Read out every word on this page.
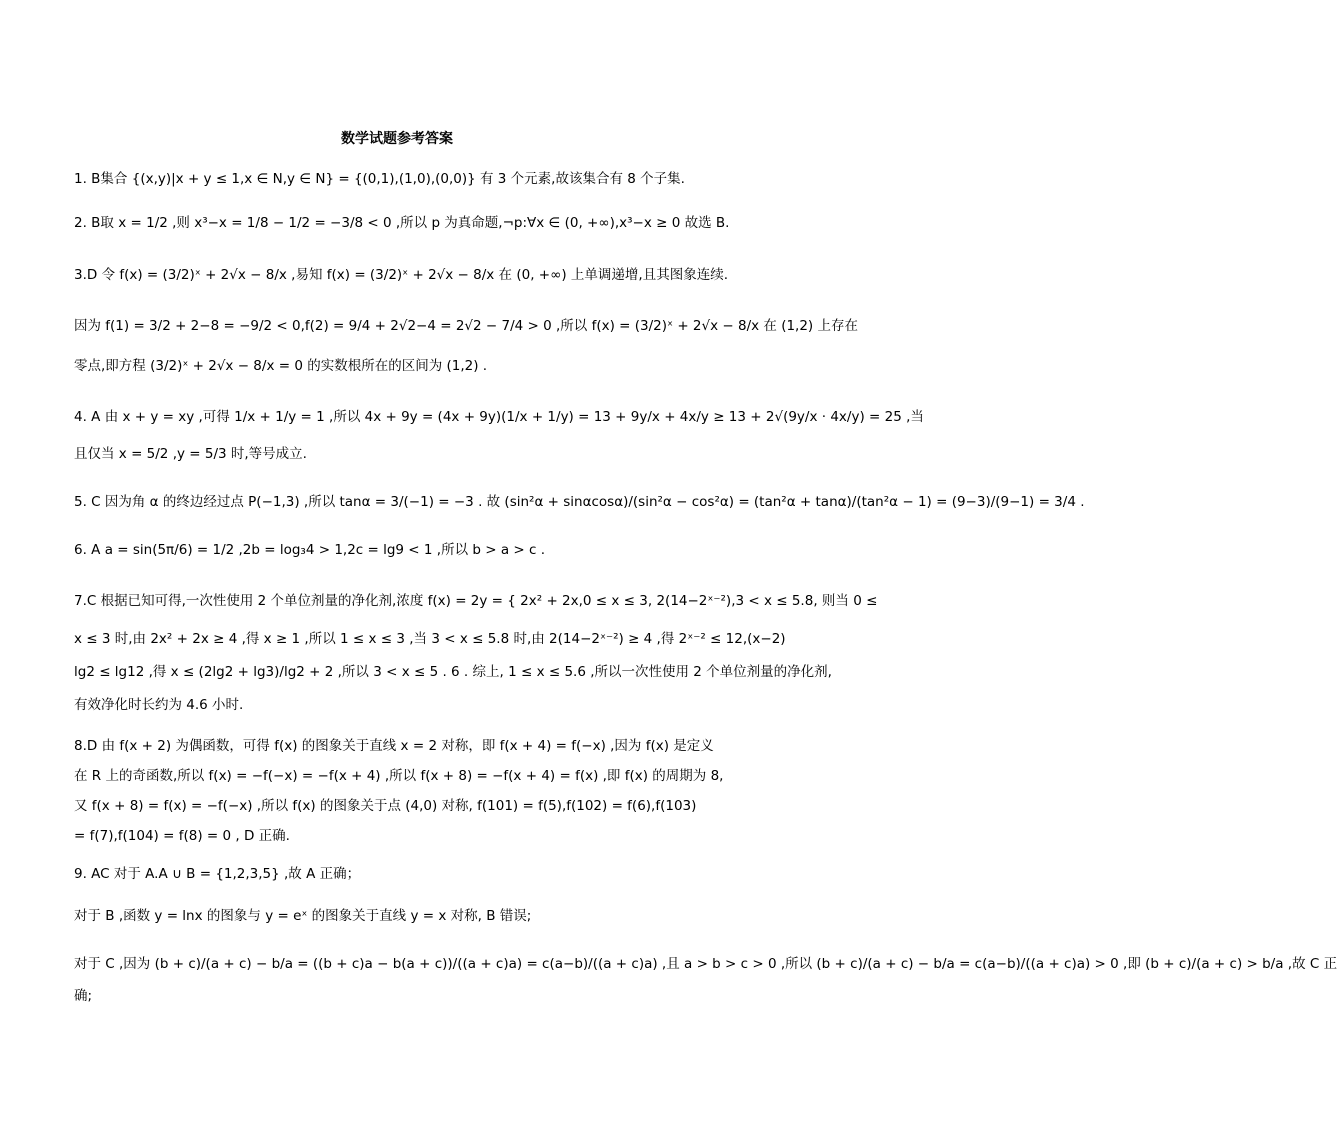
数学试题参考答案
1. B集合 {(x,y)|x + y ≤ 1,x ∈ N,y ∈ N} = {(0,1),(1,0),(0,0)} 有 3 个元素,故该集合有 8 个子集.
2. B取 x = 1/2 ,则 x³−x = 1/8 − 1/2 = −3/8 < 0 ,所以 p 为真命题,¬p:∀x ∈ (0, +∞),x³−x ≥ 0 故选 B.
3.D 令 f(x) = (3/2)ˣ + 2√x − 8/x ,易知 f(x) = (3/2)ˣ + 2√x − 8/x 在 (0, +∞) 上单调递增,且其图象连续.
因为 f(1) = 3/2 + 2−8 = −9/2 < 0,f(2) = 9/4 + 2√2−4 = 2√2 − 7/4 > 0 ,所以 f(x) = (3/2)ˣ + 2√x − 8/x 在 (1,2) 上存在
零点,即方程 (3/2)ˣ + 2√x − 8/x = 0 的实数根所在的区间为 (1,2) .
4. A 由 x + y = xy ,可得 1/x + 1/y = 1 ,所以 4x + 9y = (4x + 9y)(1/x + 1/y) = 13 + 9y/x + 4x/y ≥ 13 + 2√(9y/x · 4x/y) = 25 ,当
且仅当 x = 5/2 ,y = 5/3 时,等号成立.
5. C 因为角 α 的终边经过点 P(−1,3) ,所以 tanα = 3/(−1) = −3 . 故 (sin²α + sinαcosα)/(sin²α − cos²α) = (tan²α + tanα)/(tan²α − 1) = (9−3)/(9−1) = 3/4 .
6. A a = sin(5π/6) = 1/2 ,2b = log₃4 > 1,2c = lg9 < 1 ,所以 b > a > c .
7.C 根据已知可得,一次性使用 2 个单位剂量的净化剂,浓度 f(x) = 2y = { 2x² + 2x,0 ≤ x ≤ 3, 2(14−2ˣ⁻²),3 < x ≤ 5.8, 则当 0 ≤
x ≤ 3 时,由 2x² + 2x ≥ 4 ,得 x ≥ 1 ,所以 1 ≤ x ≤ 3 ,当 3 < x ≤ 5.8 时,由 2(14−2ˣ⁻²) ≥ 4 ,得 2ˣ⁻² ≤ 12,(x−2)
lg2 ≤ lg12 ,得 x ≤ (2lg2 + lg3)/lg2 + 2 ,所以 3 < x ≤ 5 . 6 . 综上, 1 ≤ x ≤ 5.6 ,所以一次性使用 2 个单位剂量的净化剂,
有效净化时长约为 4.6 小时.
8.D 由 f(x + 2) 为偶函数，可得 f(x) 的图象关于直线 x = 2 对称，即 f(x + 4) = f(−x) ,因为 f(x) 是定义
在 R 上的奇函数,所以 f(x) = −f(−x) = −f(x + 4) ,所以 f(x + 8) = −f(x + 4) = f(x) ,即 f(x) 的周期为 8,
又 f(x + 8) = f(x) = −f(−x) ,所以 f(x) 的图象关于点 (4,0) 对称, f(101) = f(5),f(102) = f(6),f(103)
= f(7),f(104) = f(8) = 0 , D 正确.
9. AC 对于 A.A ∪ B = {1,2,3,5} ,故 A 正确；
对于 B ,函数 y = lnx 的图象与 y = eˣ 的图象关于直线 y = x 对称, B 错误;
对于 C ,因为 (b + c)/(a + c) − b/a = ((b + c)a − b(a + c))/((a + c)a) = c(a−b)/((a + c)a) ,且 a > b > c > 0 ,所以 (b + c)/(a + c) − b/a = c(a−b)/((a + c)a) > 0 ,即 (b + c)/(a + c) > b/a ,故 C 正
确;
